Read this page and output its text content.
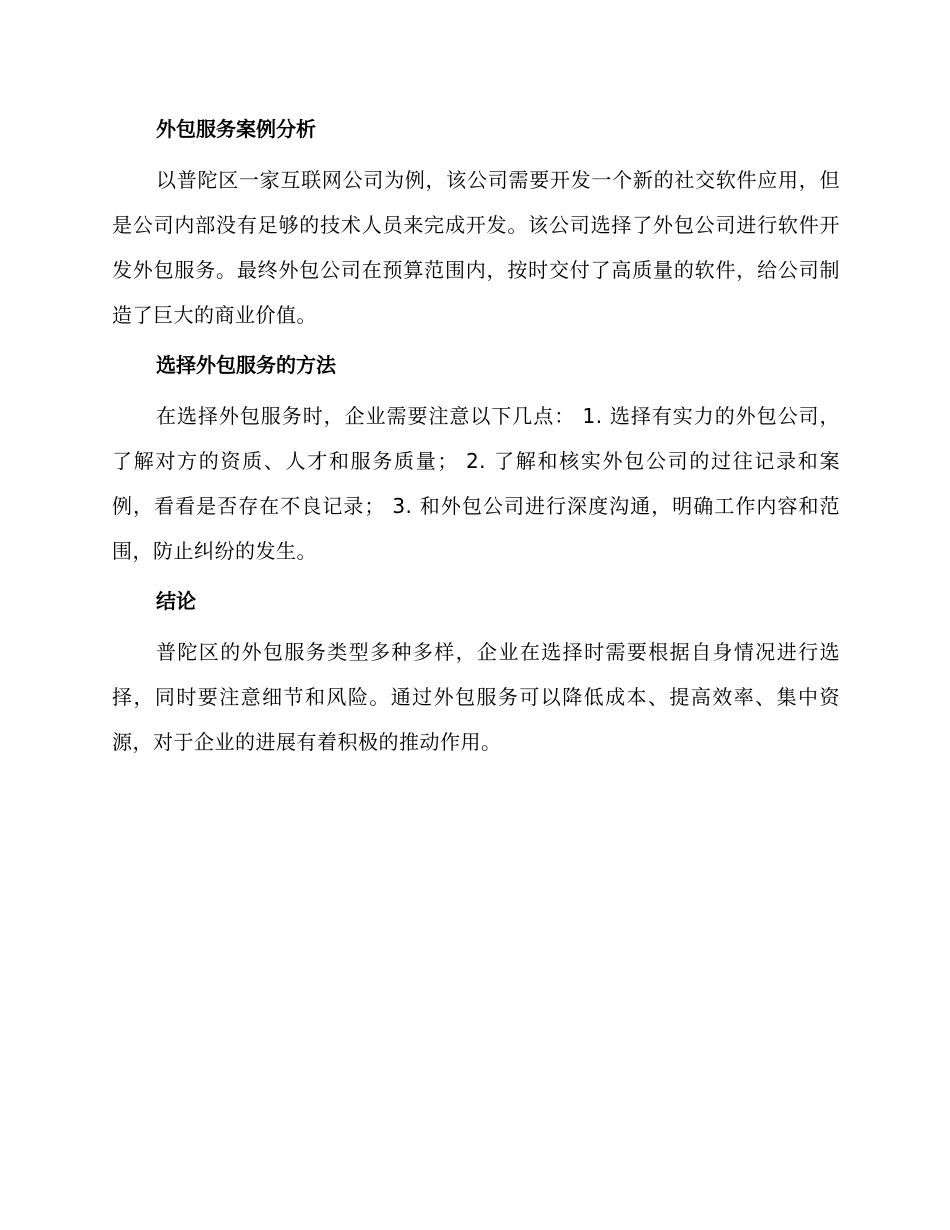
外包服务案例分析

以普陀区一家互联网公司为例，该公司需要开发一个新的社交软件应用，但是公司内部没有足够的技术人员来完成开发。该公司选择了外包公司进行软件开发外包服务。最终外包公司在预算范围内，按时交付了高质量的软件，给公司制造了巨大的商业价值。

选择外包服务的方法

在选择外包服务时，企业需要注意以下几点： 1. 选择有实力的外包公司，了解对方的资质、人才和服务质量； 2. 了解和核实外包公司的过往记录和案例，看看是否存在不良记录； 3. 和外包公司进行深度沟通，明确工作内容和范围，防止纠纷的发生。

结论

普陀区的外包服务类型多种多样，企业在选择时需要根据自身情况进行选择，同时要注意细节和风险。通过外包服务可以降低成本、提高效率、集中资源，对于企业的进展有着积极的推动作用。
